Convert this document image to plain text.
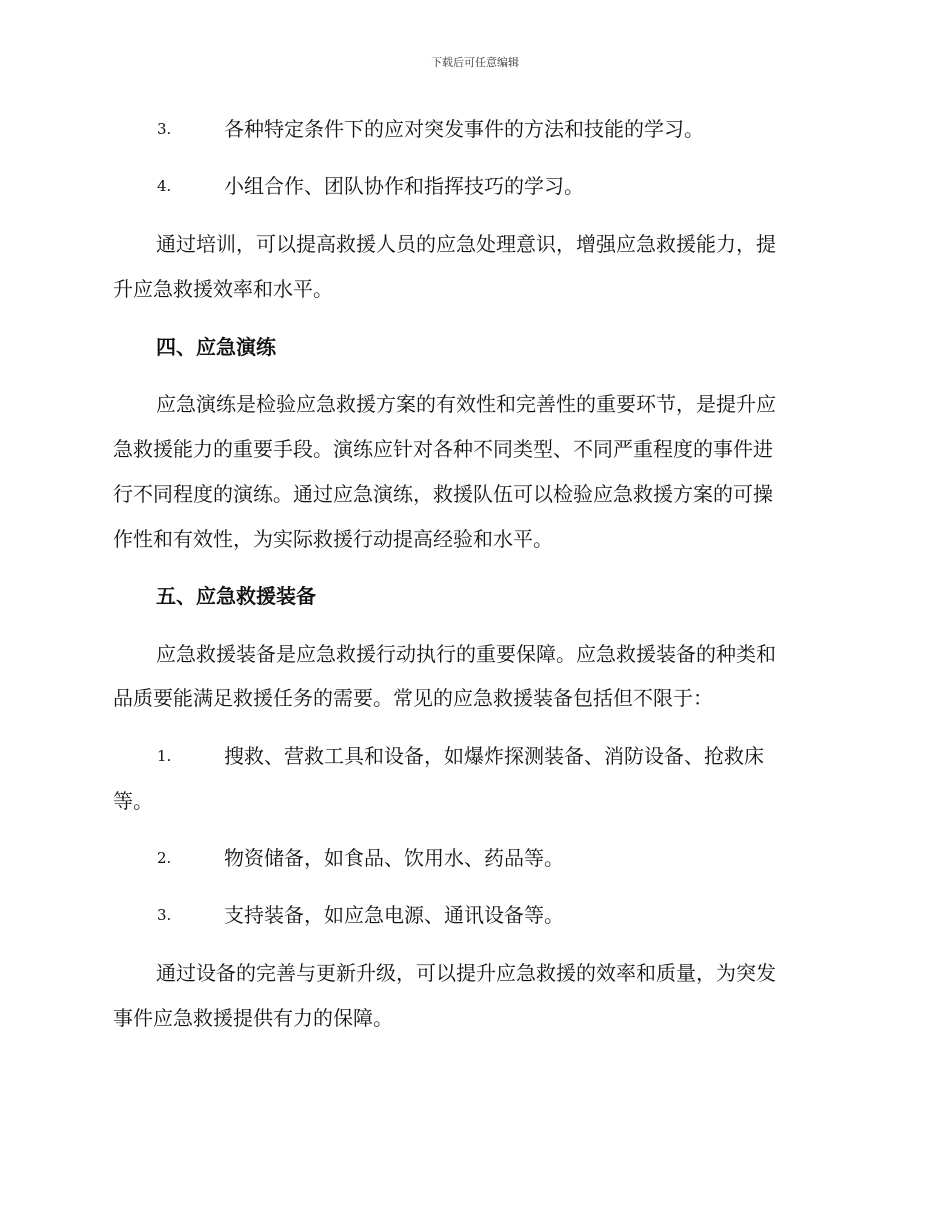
下载后可任意编辑
3.	各种特定条件下的应对突发事件的方法和技能的学习。
4.	小组合作、团队协作和指挥技巧的学习。
通过培训，可以提高救援人员的应急处理意识，增强应急救援能力，提
升应急救援效率和水平。
四、应急演练
应急演练是检验应急救援方案的有效性和完善性的重要环节，是提升应
急救援能力的重要手段。演练应针对各种不同类型、不同严重程度的事件进
行不同程度的演练。通过应急演练，救援队伍可以检验应急救援方案的可操
作性和有效性，为实际救援行动提高经验和水平。
五、应急救援装备
应急救援装备是应急救援行动执行的重要保障。应急救援装备的种类和
品质要能满足救援任务的需要。常见的应急救援装备包括但不限于：
1.	搜救、营救工具和设备，如爆炸探测装备、消防设备、抢救床
等。
2.	物资储备，如食品、饮用水、药品等。
3.	支持装备，如应急电源、通讯设备等。
通过设备的完善与更新升级，可以提升应急救援的效率和质量，为突发
事件应急救援提供有力的保障。
